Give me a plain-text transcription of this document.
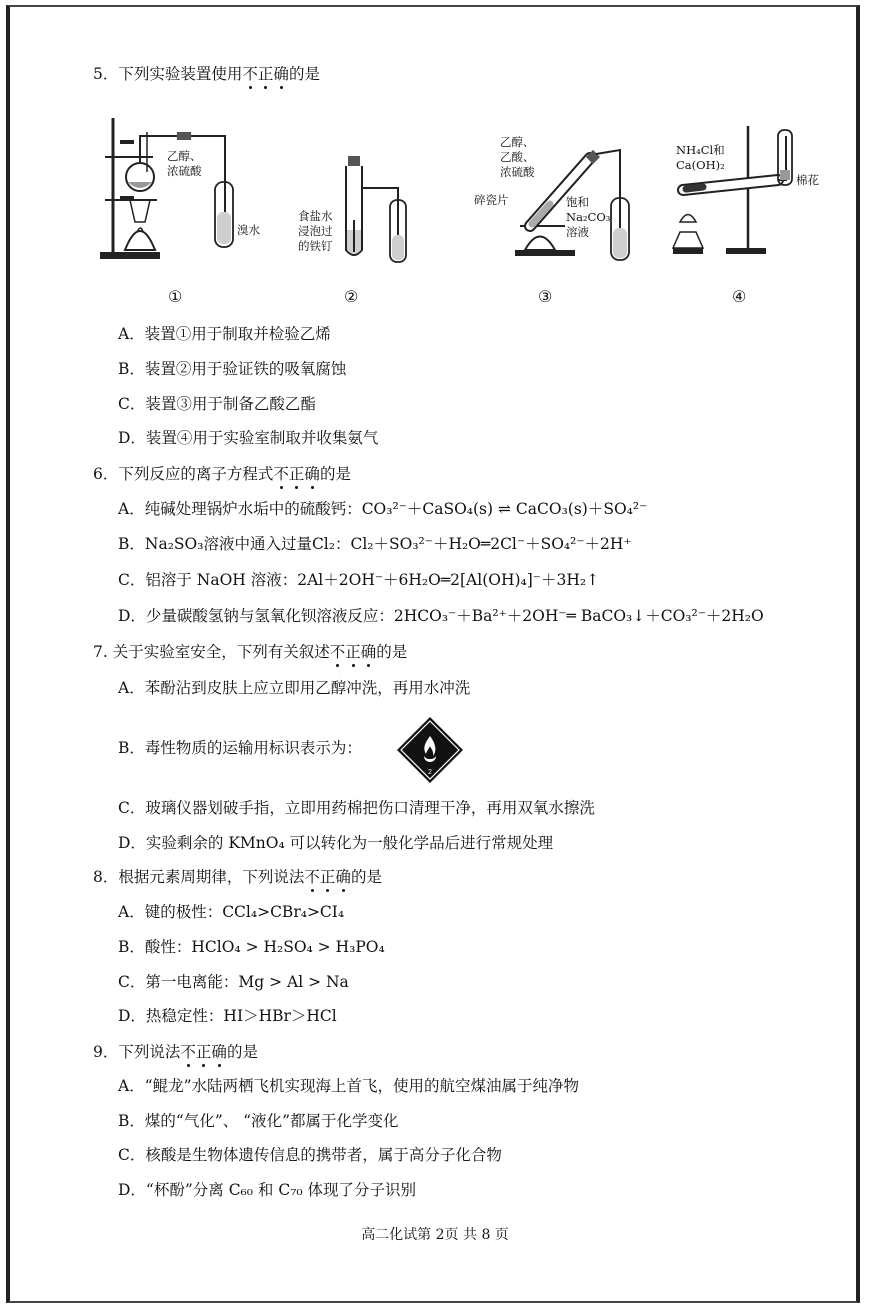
5．下列实验装置使用不正确的是
乙醇、
浓硫酸
溴水
食盐水
浸泡过
的铁钉
乙醇、
乙酸、
浓硫酸
碎瓷片	饱和
Na₂CO₃
溶液
NH₄Cl和
Ca(OH)₂
棉花
①	②	③	④
A．装置①用于制取并检验乙烯
B．装置②用于验证铁的吸氧腐蚀
C．装置③用于制备乙酸乙酯
D．装置④用于实验室制取并收集氨气
6．下列反应的离子方程式不正确的是
A．纯碱处理锅炉水垢中的硫酸钙：CO₃²⁻＋CaSO₄(s) ⇌ CaCO₃(s)＋SO₄²⁻
B．Na₂SO₃溶液中通入过量Cl₂：Cl₂＋SO₃²⁻＋H₂O═2Cl⁻＋SO₄²⁻＋2H⁺
C．铝溶于 NaOH 溶液：2Al＋2OH⁻＋6H₂O═2[Al(OH)₄]⁻＋3H₂↑
D．少量碳酸氢钠与氢氧化钡溶液反应：2HCO₃⁻＋Ba²⁺＋2OH⁻═ BaCO₃↓＋CO₃²⁻＋2H₂O
7. 关于实验室安全，下列有关叙述不正确的是
A．苯酚沾到皮肤上应立即用乙醇冲洗，再用水冲洗
B．毒性物质的运输用标识表示为：
2
C．玻璃仪器划破手指，立即用药棉把伤口清理干净，再用双氧水擦洗
D．实验剩余的 KMnO₄ 可以转化为一般化学品后进行常规处理
8．根据元素周期律，下列说法不正确的是
A．键的极性：CCl₄>CBr₄>CI₄
B．酸性：HClO₄ > H₂SO₄ > H₃PO₄
C．第一电离能：Mg > Al > Na
D．热稳定性：HI＞HBr＞HCl
9．下列说法不正确的是
A．“鲲龙”水陆两栖飞机实现海上首飞，使用的航空煤油属于纯净物
B．煤的“气化”、 “液化”都属于化学变化
C．核酸是生物体遗传信息的携带者，属于高分子化合物
D．“杯酚”分离 C₆₀ 和 C₇₀ 体现了分子识别
高二化试第 2页 共 8 页
